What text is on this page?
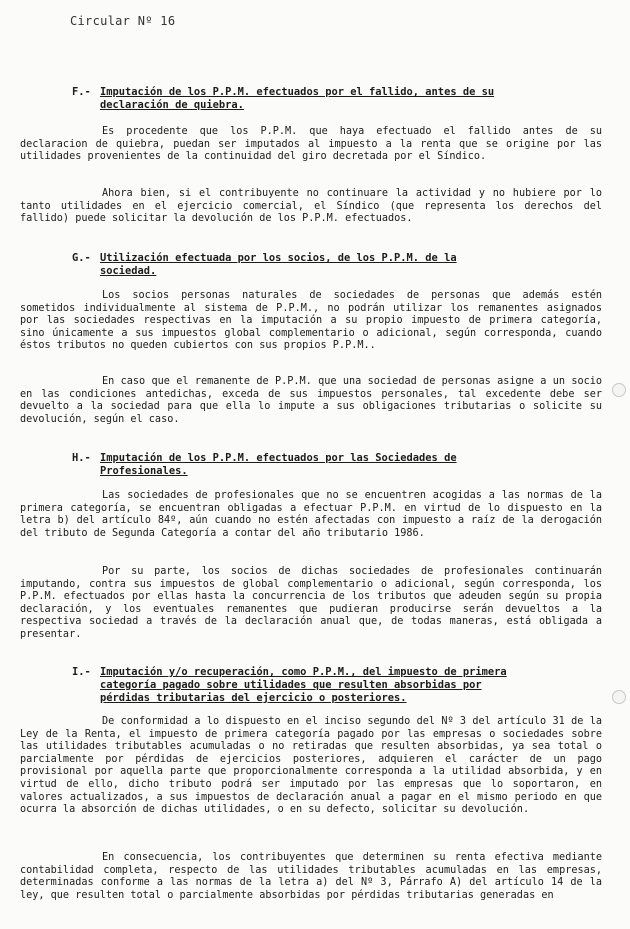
Circular Nº 16
F.- Imputación de los P.P.M. efectuados por el fallido, antes de su
declaración de quiebra.

Es procedente que los P.P.M. que haya efectuado el fallido antes de su declaracion de quiebra, puedan ser imputados al impuesto a la renta que se origine por las utilidades provenientes de la continuidad del giro decretada por el Síndico.

Ahora bien, si el contribuyente no continuare la actividad y no hubiere por lo tanto utilidades en el ejercicio comercial, el Síndico (que representa los derechos del fallido) puede solicitar la devolución de los P.P.M. efectuados.

G.- Utilización efectuada por los socios, de los P.P.M. de la
sociedad.

Los socios personas naturales de sociedades de personas que además estén sometidos individualmente al sistema de P.P.M., no podrán utilizar los remanentes asignados por las sociedades respectivas en la imputación a su propio impuesto de primera categoría, sino únicamente a sus impuestos global complementario o adicional, según corresponda, cuando éstos tributos no queden cubiertos con sus propios P.P.M..

En caso que el remanente de P.P.M. que una sociedad de personas asigne a un socio en las condiciones antedichas, exceda de sus impuestos personales, tal excedente debe ser devuelto a la sociedad para que ella lo impute a sus obligaciones tributarias o solicite su devolución, según el caso.

H.- Imputación de los P.P.M. efectuados por las Sociedades de
Profesionales.

Las sociedades de profesionales que no se encuentren acogidas a las normas de la primera categoría, se encuentran obligadas a efectuar P.P.M. en virtud de lo dispuesto en la letra b) del artículo 84º, aún cuando no estén afectadas con impuesto a raíz de la derogación del tributo de Segunda Categoría a contar del año tributario 1986.

Por su parte, los socios de dichas sociedades de profesionales continuarán imputando, contra sus impuestos de global complementario o adicional, según corresponda, los P.P.M. efectuados por ellas hasta la concurrencia de los tributos que adeuden según su propia declaración, y los eventuales remanentes que pudieran producirse serán devueltos a la respectiva sociedad a través de la declaración anual que, de todas maneras, está obligada a presentar.

I.- Imputación y/o recuperación, como P.P.M., del impuesto de primera
categoría pagado sobre utilidades que resulten absorbidas por
pérdidas tributarias del ejercicio o posteriores.

De conformidad a lo dispuesto en el inciso segundo del Nº 3 del artículo 31 de la Ley de la Renta, el impuesto de primera categoría pagado por las empresas o sociedades sobre las utilidades tributables acumuladas o no retiradas que resulten absorbidas, ya sea total o parcialmente por pérdidas de ejercicios posteriores, adquieren el carácter de un pago provisional por aquella parte que proporcionalmente corresponda a la utilidad absorbida, y en virtud de ello, dicho tributo podrá ser imputado por las empresas que lo soportaron, en valores actualizados, a sus impuestos de declaración anual a pagar en el mismo periodo en que ocurra la absorción de dichas utilidades, o en su defecto, solicitar su devolución.

En consecuencia, los contribuyentes que determinen su renta efectiva mediante contabilidad completa, respecto de las utilidades tributables acumuladas en las empresas, determinadas conforme a las normas de la letra a) del Nº 3, Párrafo A) del artículo 14 de la ley, que resulten total o parcialmente absorbidas por pérdidas tributarias generadas en
